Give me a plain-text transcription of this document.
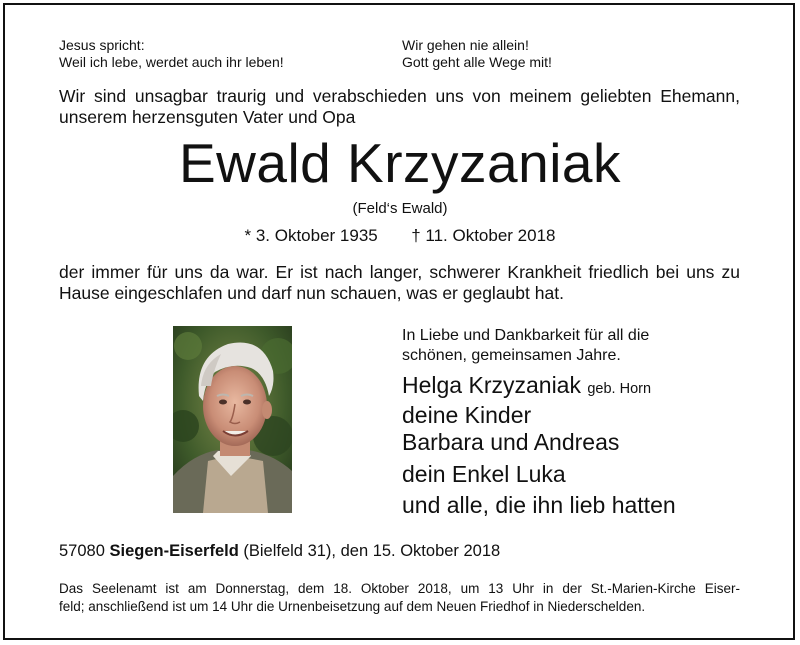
Jesus spricht:
Weil ich lebe, werdet auch ihr leben!
Wir gehen nie allein!
Gott geht alle Wege mit!
Wir sind unsagbar traurig und verabschieden uns von meinem geliebten Ehemann,
unserem herzensguten Vater und Opa
Ewald Krzyzaniak
(Feld‘s Ewald)
* 3. Oktober 1935 † 11. Oktober 2018
der immer für uns da war. Er ist nach langer, schwerer Krankheit friedlich bei uns zu
Hause eingeschlafen und darf nun schauen, was er geglaubt hat.
In Liebe und Dankbarkeit für all die
schönen, gemeinsamen Jahre.
Helga Krzyzaniak geb. Horn
deine Kinder
Barbara und Andreas
dein Enkel Luka
und alle, die ihn lieb hatten
57080 Siegen-Eiserfeld (Bielfeld 31), den 15. Oktober 2018
Das Seelenamt ist am Donnerstag, dem 18. Oktober 2018, um 13 Uhr in der St.-Marien-Kirche Eiser-
feld; anschließend ist um 14 Uhr die Urnenbeisetzung auf dem Neuen Friedhof in Niederschelden.
